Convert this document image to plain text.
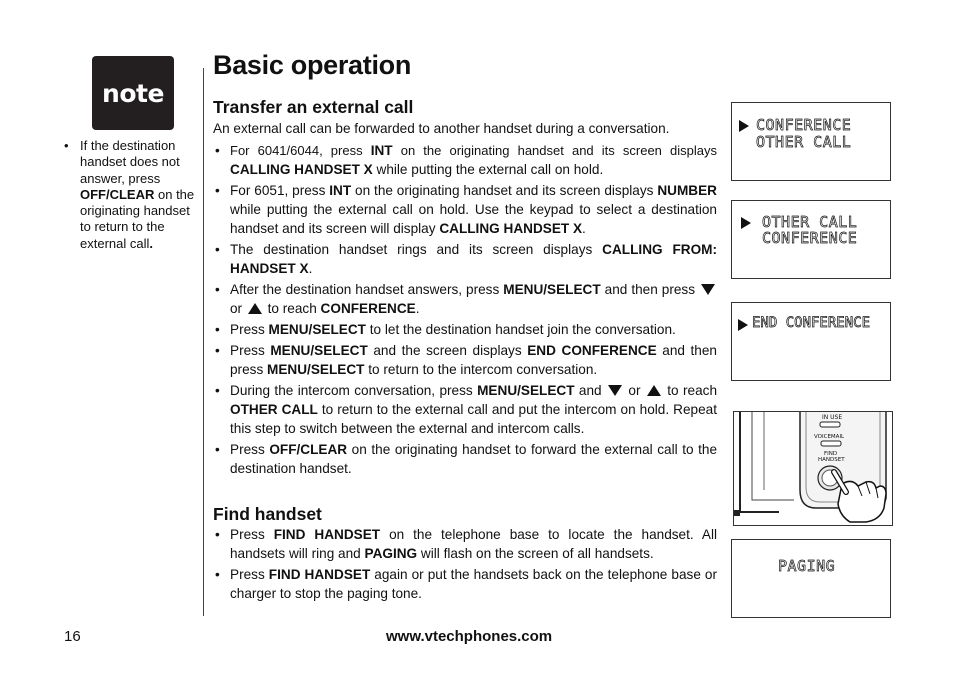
note
• If the destination handset does not answer, press OFF/CLEAR on the originating handset to return to the external call.
Basic operation
Transfer an external call
An external call can be forwarded to another handset during a conversation.
• For 6041/6044, press INT on the originating handset and its screen displays CALLING HANDSET X while putting the external call on hold.
• For 6051, press INT on the originating handset and its screen displays NUMBER while putting the external call on hold. Use the keypad to select a destination handset and its screen will display CALLING HANDSET X.
• The destination handset rings and its screen displays CALLING FROM: HANDSET X.
• After the destination handset answers, press MENU/SELECT and then press  or  to reach CONFERENCE.
• Press MENU/SELECT to let the destination handset join the conversation.
• Press MENU/SELECT and the screen displays END CONFERENCE and then press MENU/SELECT to return to the intercom conversation.
• During the intercom conversation, press MENU/SELECT and  or  to reach OTHER CALL to return to the external call and put the intercom on hold. Repeat this step to switch between the external and intercom calls.
• Press OFF/CLEAR on the originating handset to forward the external call to the destination handset.
Find handset
• Press FIND HANDSET on the telephone base to locate the handset. All handsets will ring and PAGING will flash on the screen of all handsets.
• Press FIND HANDSET again or put the handsets back on the telephone base or charger to stop the paging tone.
CONFERENCE
OTHER CALL
OTHER CALL
CONFERENCE
END CONFERENCE
IN USE
VOICEMAIL
FIND
HANDSET
PAGING
16	www.vtechphones.com
